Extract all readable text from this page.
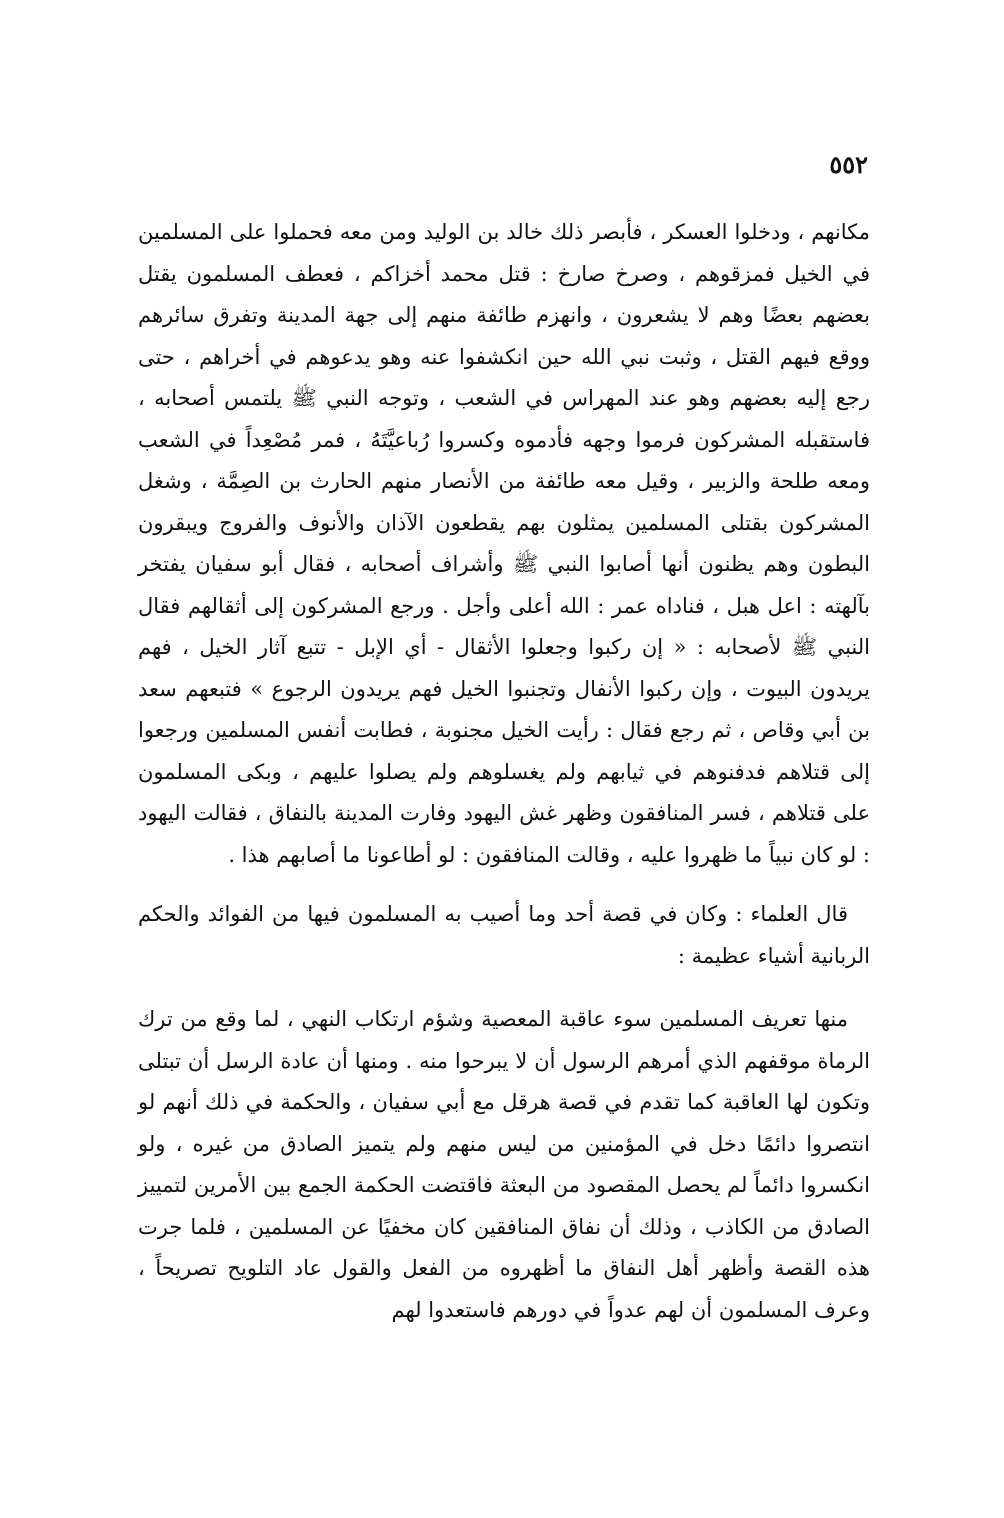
٥٥٢

مكانهم ، ودخلوا العسكر ، فأبصر ذلك خالد بن الوليد ومن معه فحملوا على المسلمين في الخيل فمزقوهم ، وصرخ صارخ : قتل محمد أخزاكم ، فعطف المسلمون يقتل بعضهم بعضًا وهم لا يشعرون ، وانهزم طائفة منهم إلى جهة المدينة وتفرق سائرهم ووقع فيهم القتل ، وثبت نبي الله حين انكشفوا عنه وهو يدعوهم في أخراهم ، حتى رجع إليه بعضهم وهو عند المهراس في الشعب ، وتوجه النبي ﷺ يلتمس أصحابه ، فاستقبله المشركون فرموا وجهه فأدموه وكسروا رُباعيَّتَهُ ، فمر مُصْعِداً في الشعب ومعه طلحة والزبير ، وقيل معه طائفة من الأنصار منهم الحارث بن الصِمَّة ، وشغل المشركون بقتلى المسلمين يمثلون بهم يقطعون الآذان والأنوف والفروج ويبقرون البطون وهم يظنون أنها أصابوا النبي ﷺ وأشراف أصحابه ، فقال أبو سفيان يفتخر بآلهته : اعل هبل ، فناداه عمر : الله أعلى وأجل . ورجع المشركون إلى أثقالهم فقال النبي ﷺ لأصحابه : « إن ركبوا وجعلوا الأثقال - أي الإبل - تتبع آثار الخيل ، فهم يريدون البيوت ، وإن ركبوا الأنفال وتجنبوا الخيل فهم يريدون الرجوع » فتبعهم سعد بن أبي وقاص ، ثم رجع فقال : رأيت الخيل مجنوبة ، فطابت أنفس المسلمين ورجعوا إلى قتلاهم فدفنوهم في ثيابهم ولم يغسلوهم ولم يصلوا عليهم ، وبكى المسلمون على قتلاهم ، فسر المنافقون وظهر غش اليهود وفارت المدينة بالنفاق ، فقالت اليهود : لو كان نبياً ما ظهروا عليه ، وقالت المنافقون : لو أطاعونا ما أصابهم هذا .

قال العلماء : وكان في قصة أحد وما أصيب به المسلمون فيها من الفوائد والحكم الربانية أشياء عظيمة :

منها تعريف المسلمين سوء عاقبة المعصية وشؤم ارتكاب النهي ، لما وقع من ترك الرماة موقفهم الذي أمرهم الرسول أن لا يبرحوا منه . ومنها أن عادة الرسل أن تبتلى وتكون لها العاقبة كما تقدم في قصة هرقل مع أبي سفيان ، والحكمة في ذلك أنهم لو انتصروا دائمًا دخل في المؤمنين من ليس منهم ولم يتميز الصادق من غيره ، ولو انكسروا دائماً لم يحصل المقصود من البعثة فاقتضت الحكمة الجمع بين الأمرين لتمييز الصادق من الكاذب ، وذلك أن نفاق المنافقين كان مخفيًا عن المسلمين ، فلما جرت هذه القصة وأظهر أهل النفاق ما أظهروه من الفعل والقول عاد التلويح تصريحاً ، وعرف المسلمون أن لهم عدواً في دورهم فاستعدوا لهم
